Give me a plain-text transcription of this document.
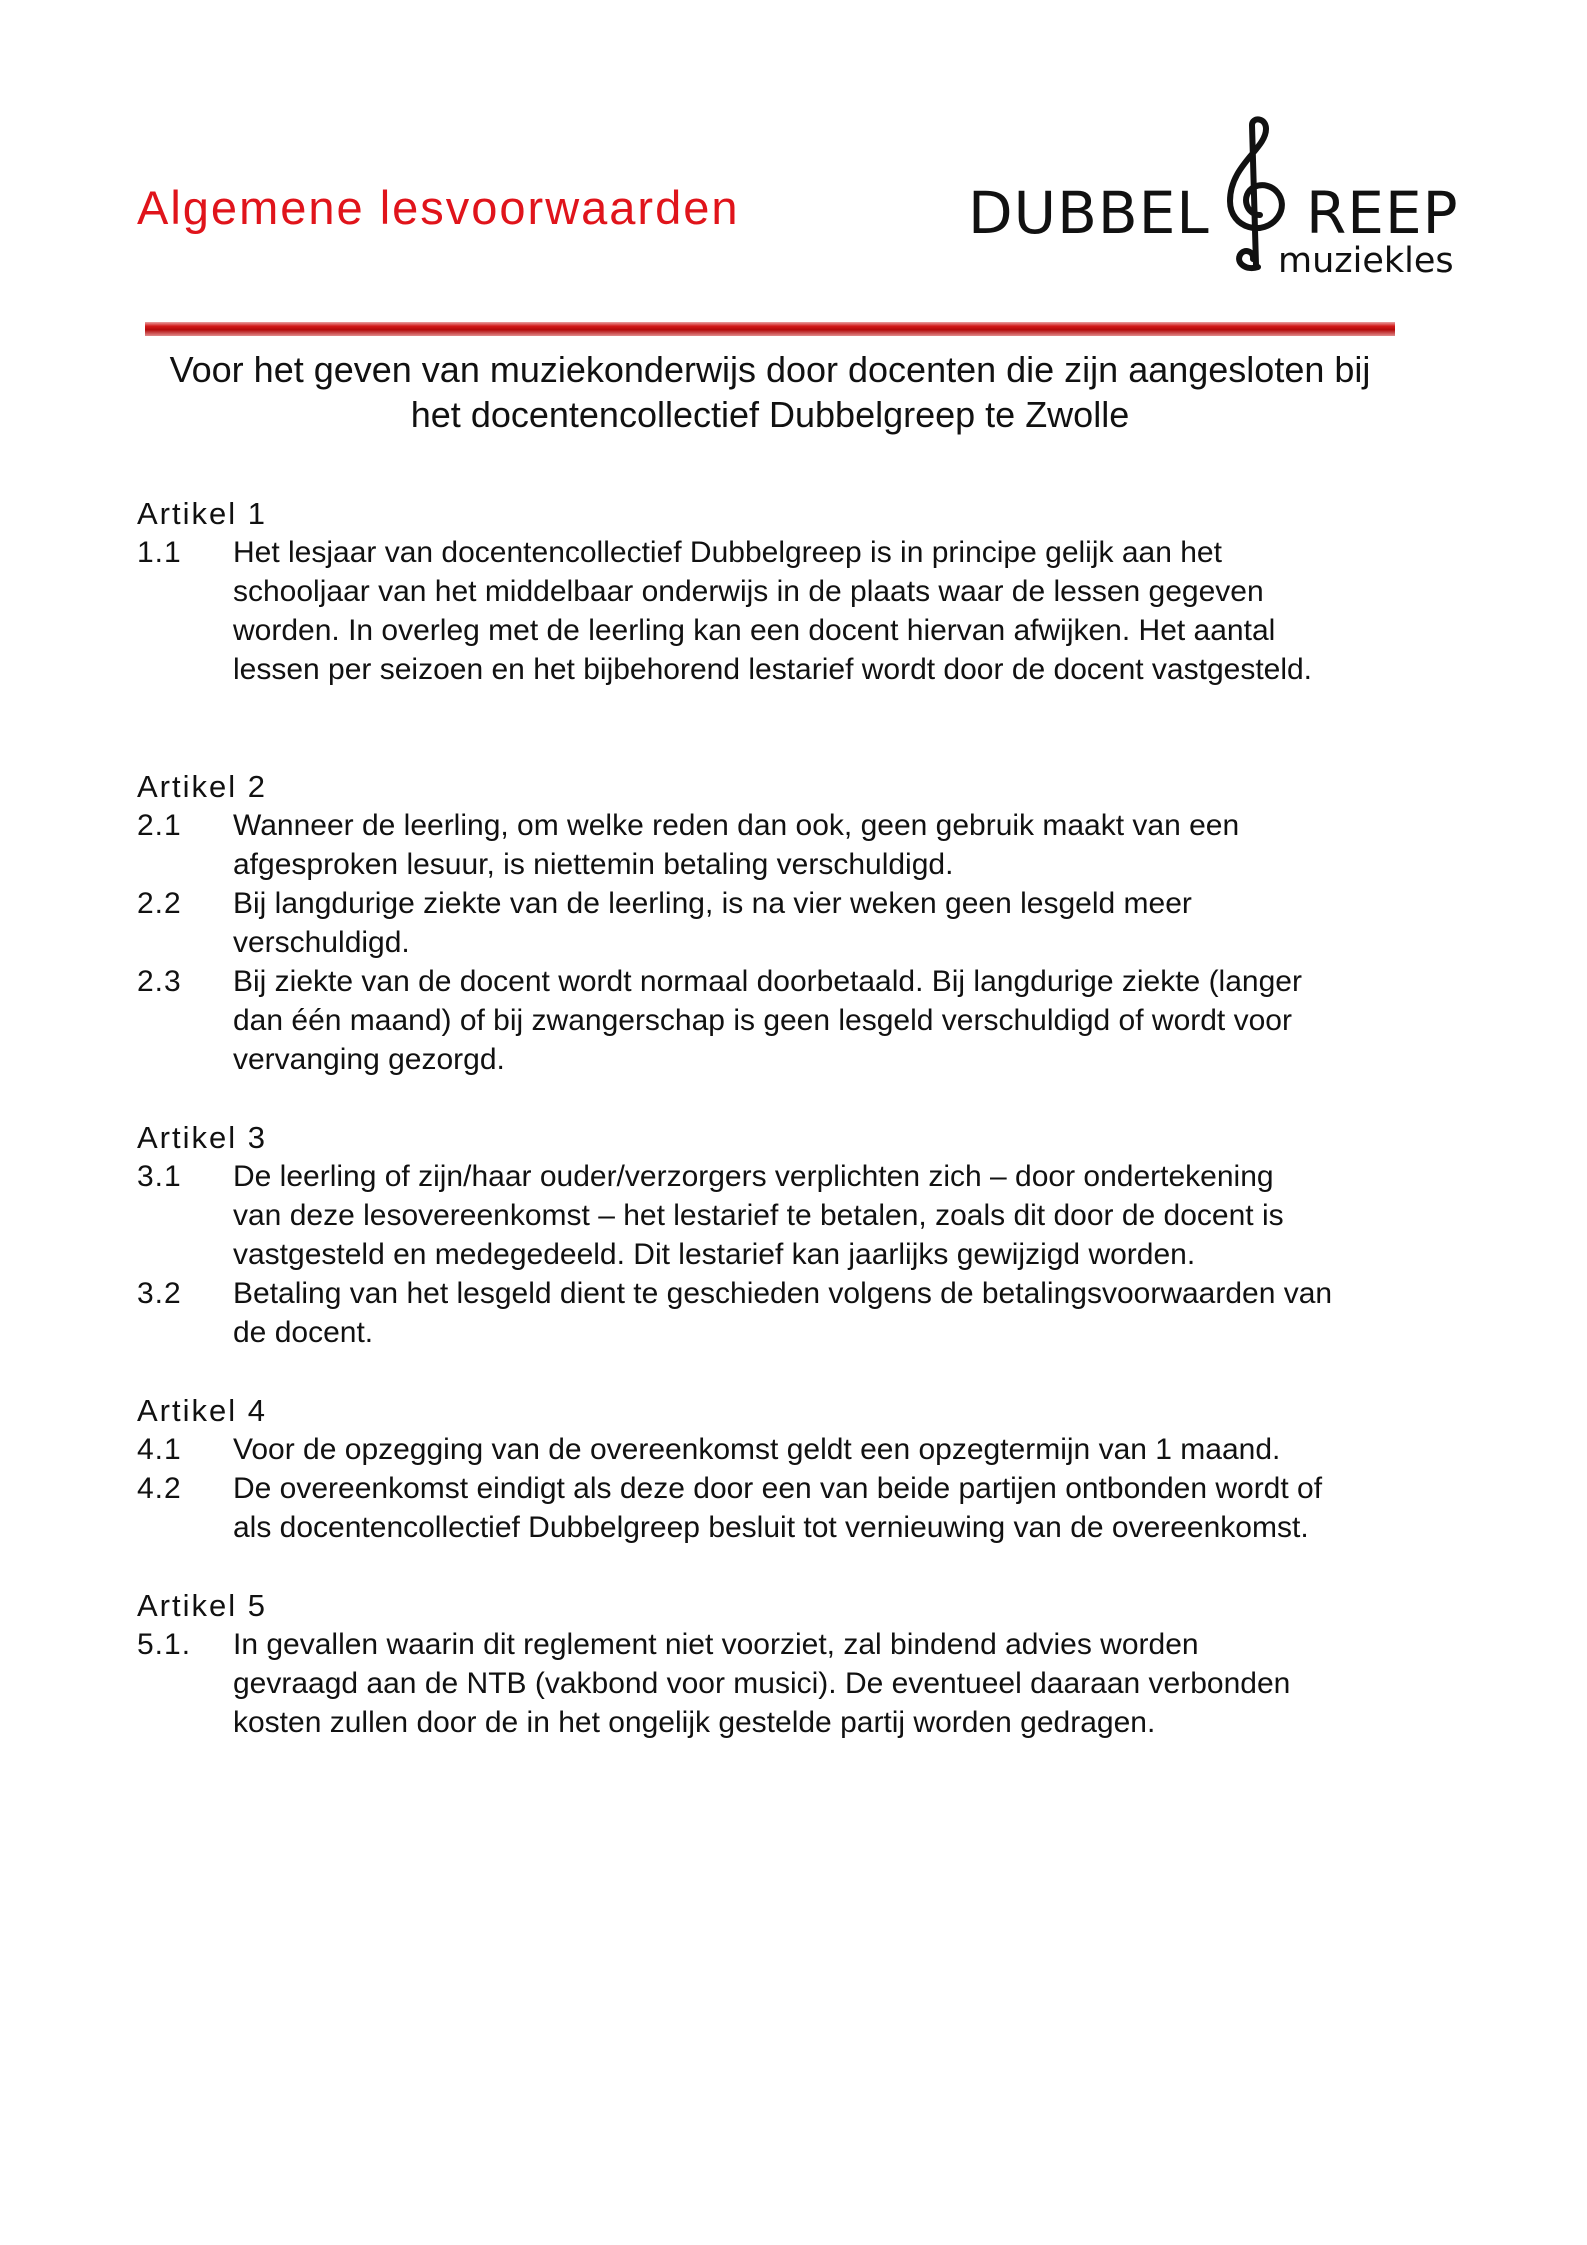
Algemene lesvoorwaarden	DUBBEL REEP
muziekles
Voor het geven van muziekonderwijs door docenten die zijn aangesloten bij
het docentencollectief Dubbelgreep te Zwolle
Artikel 1
1.1	Het lesjaar van docentencollectief Dubbelgreep is in principe gelijk aan het
schooljaar van het middelbaar onderwijs in de plaats waar de lessen gegeven
worden. In overleg met de leerling kan een docent hiervan afwijken. Het aantal
lessen per seizoen en het bijbehorend lestarief wordt door de docent vastgesteld.
Artikel 2
2.1	Wanneer de leerling, om welke reden dan ook, geen gebruik maakt van een
afgesproken lesuur, is niettemin betaling verschuldigd.
2.2	Bij langdurige ziekte van de leerling, is na vier weken geen lesgeld meer
verschuldigd.
2.3	Bij ziekte van de docent wordt normaal doorbetaald. Bij langdurige ziekte (langer
dan één maand) of bij zwangerschap is geen lesgeld verschuldigd of wordt voor
vervanging gezorgd.
Artikel 3
3.1	De leerling of zijn/haar ouder/verzorgers verplichten zich – door ondertekening
van deze lesovereenkomst – het lestarief te betalen, zoals dit door de docent is
vastgesteld en medegedeeld. Dit lestarief kan jaarlijks gewijzigd worden.
3.2	Betaling van het lesgeld dient te geschieden volgens de betalingsvoorwaarden van
de docent.
Artikel 4
4.1	Voor de opzegging van de overeenkomst geldt een opzegtermijn van 1 maand.
4.2	De overeenkomst eindigt als deze door een van beide partijen ontbonden wordt of
als docentencollectief Dubbelgreep besluit tot vernieuwing van de overeenkomst.
Artikel 5
5.1.	In gevallen waarin dit reglement niet voorziet, zal bindend advies worden
gevraagd aan de NTB (vakbond voor musici). De eventueel daaraan verbonden
kosten zullen door de in het ongelijk gestelde partij worden gedragen.
